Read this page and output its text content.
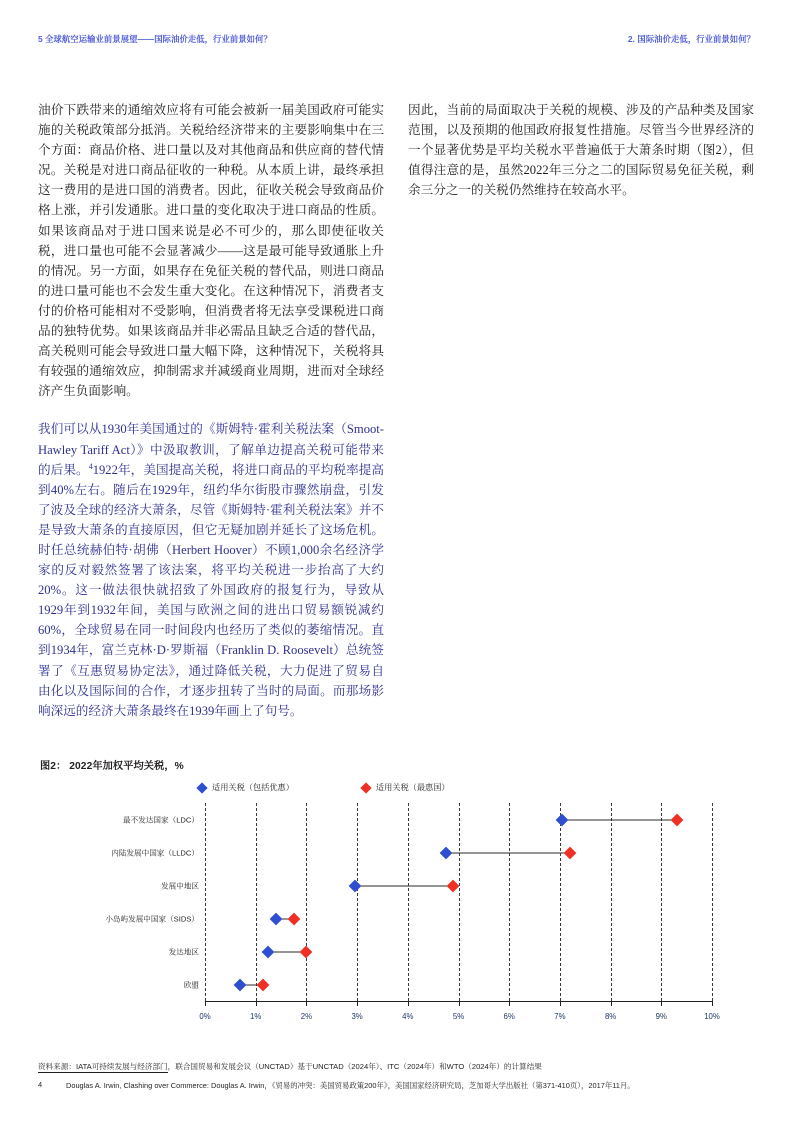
5 全球航空运输业前景展望——国际油价走低，行业前景如何？	2. 国际油价走低，行业前景如何？

油价下跌带来的通缩效应将有可能会被新一届美国政府可能实施的关税政策部分抵消。关税给经济带来的主要影响集中在三个方面：商品价格、进口量以及对其他商品和供应商的替代情况。关税是对进口商品征收的一种税。从本质上讲，最终承担这一费用的是进口国的消费者。因此，征收关税会导致商品价格上涨，并引发通胀。进口量的变化取决于进口商品的性质。如果该商品对于进口国来说是必不可少的，那么即使征收关税，进口量也可能不会显著减少——这是最可能导致通胀上升的情况。另一方面，如果存在免征关税的替代品，则进口商品的进口量可能也不会发生重大变化。在这种情况下，消费者支付的价格可能相对不受影响，但消费者将无法享受课税进口商品的独特优势。如果该商品并非必需品且缺乏合适的替代品，高关税则可能会导致进口量大幅下降，这种情况下，关税将具有较强的通缩效应，抑制需求并减缓商业周期，进而对全球经济产生负面影响。

我们可以从1930年美国通过的《斯姆特·霍利关税法案（Smoot-Hawley Tariff Act）》中汲取教训，了解单边提高关税可能带来的后果。$^4$1922年，美国提高关税，将进口商品的平均税率提高到40%左右。随后在1929年，纽约华尔街股市骤然崩盘，引发了波及全球的经济大萧条，尽管《斯姆特·霍利关税法案》并不是导致大萧条的直接原因，但它无疑加剧并延长了这场危机。时任总统赫伯特·胡佛（Herbert Hoover）不顾1,000余名经济学家的反对毅然签署了该法案，将平均关税进一步抬高了大约20%。这一做法很快就招致了外国政府的报复行为，导致从1929年到1932年间，美国与欧洲之间的进出口贸易额锐减约60%，全球贸易在同一时间段内也经历了类似的萎缩情况。直到1934年，富兰克林·D·罗斯福（Franklin D. Roosevelt）总统签署了《互惠贸易协定法》，通过降低关税，大力促进了贸易自由化以及国际间的合作，才逐步扭转了当时的局面。而那场影响深远的经济大萧条最终在1939年画上了句号。

因此，当前的局面取决于关税的规模、涉及的产品种类及国家范围，以及预期的他国政府报复性措施。尽管当今世界经济的一个显著优势是平均关税水平普遍低于大萧条时期（图2），但值得注意的是，虽然2022年三分之二的国际贸易免征关税，剩余三分之一的关税仍然维持在较高水平。

图2： 2022年加权平均关税，%
适用关税（包括优惠）	适用关税（最惠国）
最不发达国家（LDC）
内陆发展中国家（LLDC）
发展中地区
小岛屿发展中国家（SIDS）
发达地区
欧盟
0%	1%	2%	3%	4%	5%	6%	7%	8%	9%	10%
资料来源：IATA可持续发展与经济部门，联合国贸易和发展会议（UNCTAD）基于UNCTAD（2024年）、ITC（2024年）和WTO（2024年）的计算结果
4	Douglas A. Irwin, Clashing over Commerce: Douglas A. Irwin，《贸易的冲突：美国贸易政策200年》，美国国家经济研究局，芝加哥大学出版社（第371-410页），2017年11月。
